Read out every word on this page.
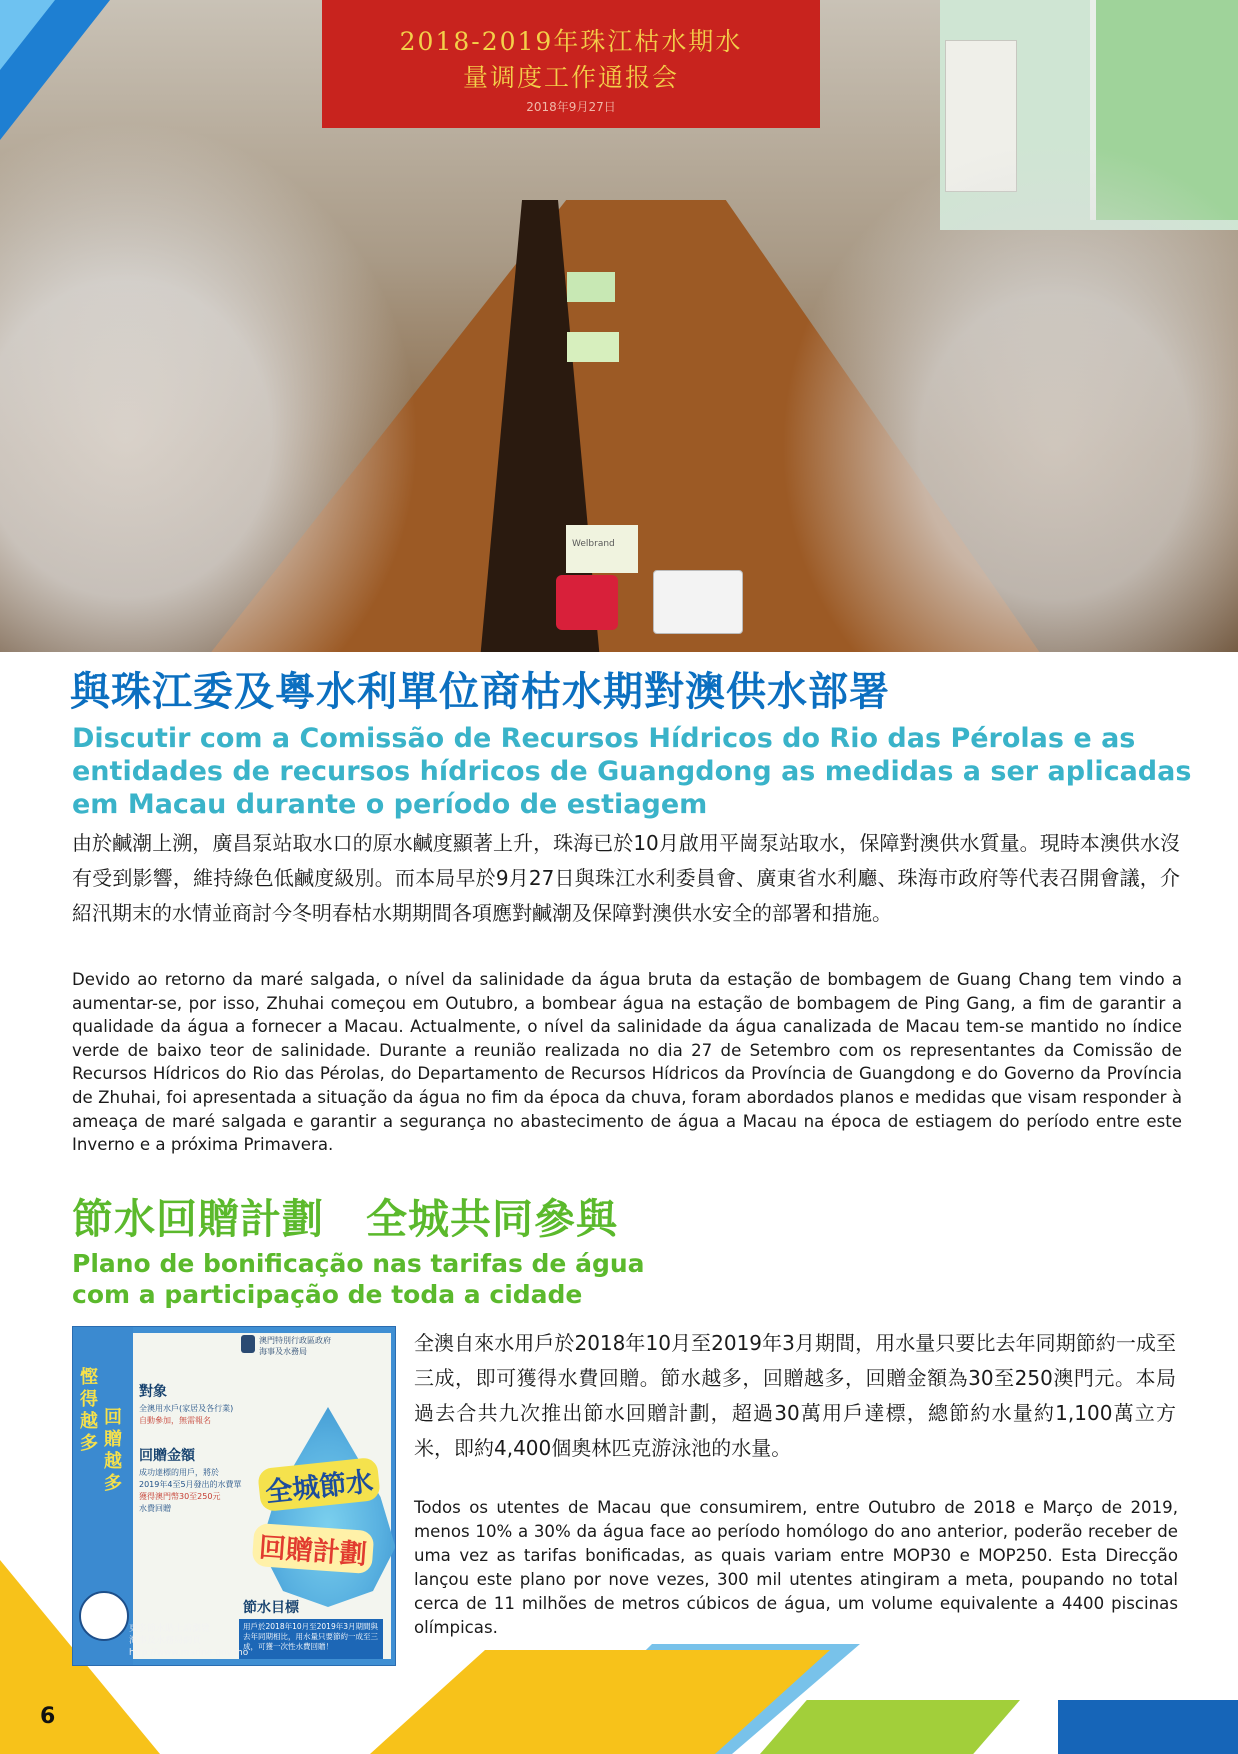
2018-2019年珠江枯水期水
量调度工作通报会
2018年9月27日
Welbrand
與珠江委及粵水利單位商枯水期對澳供水部署
Discutir com a Comissão de Recursos Hídricos do Rio das Pérolas e as entidades de recursos hídricos de Guangdong as medidas a ser aplicadas em Macau durante o período de estiagem
由於鹹潮上溯，廣昌泵站取水口的原水鹹度顯著上升，珠海已於10月啟用平崗泵站取水，保障對澳供水質量。現時本澳供水沒有受到影響，維持綠色低鹹度級別。而本局早於9月27日與珠江水利委員會、廣東省水利廳、珠海市政府等代表召開會議，介紹汛期末的水情並商討今冬明春枯水期期間各項應對鹹潮及保障對澳供水安全的部署和措施。
Devido ao retorno da maré salgada, o nível da salinidade da água bruta da estação de bombagem de Guang Chang tem vindo a aumentar-se, por isso, Zhuhai começou em Outubro, a bombear água na estação de bombagem de Ping Gang, a fim de garantir a qualidade da água a fornecer a Macau. Actualmente, o nível da salinidade da água canalizada de Macau tem-se mantido no índice verde de baixo teor de salinidade. Durante a reunião realizada no dia 27 de Setembro com os representantes da Comissão de Recursos Hídricos do Rio das Pérolas, do Departamento de Recursos Hídricos da Província de Guangdong e do Governo da Província de Zhuhai, foi apresentada a situação da água no fim da época da chuva, foram abordados planos e medidas que visam responder à ameaça de maré salgada e garantir a segurança no abastecimento de água a Macau na época de estiagem do período entre este Inverno e a próxima Primavera.
節水回贈計劃　全城共同參與
Plano de bonificação nas tarifas de água
com a participação de toda a cidade
慳得越多
回贈越多
澳門特別行政區政府
海事及水務局
對象
全澳用水戶(家居及各行業)
自動參加，無需報名
回贈金額
成功達標的用戶，將於
2019年4至5月發出的水費單
獲得澳門幣30至250元
水費回贈	全城節水
回贈計劃
節水目標
用戶於2018年10月至2019年3月期間與去年同期相比，用水量只要節約一成至三成，可獲一次性水費回贈！
更多節水貼士請瀏覽
海事及水務局網頁
http://www.marine.gov.mo
全澳自來水用戶於2018年10月至2019年3月期間，用水量只要比去年同期節約一成至三成，即可獲得水費回贈。節水越多，回贈越多，回贈金額為30至250澳門元。本局過去合共九次推出節水回贈計劃，超過30萬用戶達標，總節約水量約1,100萬立方米，即約4,400個奧林匹克游泳池的水量。
Todos os utentes de Macau que consumirem, entre Outubro de 2018 e Março de 2019, menos 10% a 30% da água face ao período homólogo do ano anterior, poderão receber de uma vez as tarifas bonificadas, as quais variam entre MOP30 e MOP250. Esta Direcção lançou este plano por nove vezes, 300 mil utentes atingiram a meta, poupando no total cerca de 11 milhões de metros cúbicos de água, um volume equivalente a 4400 piscinas olímpicas.
6
